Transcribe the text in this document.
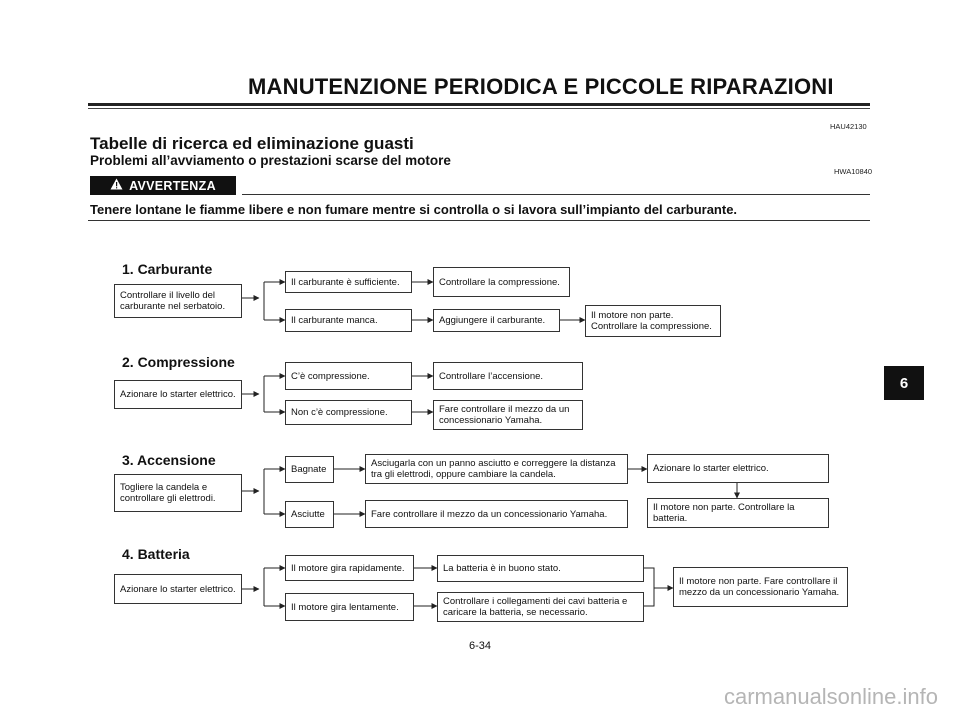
MANUTENZIONE PERIODICA E PICCOLE RIPARAZIONI
HAU42130
Tabelle di ricerca ed eliminazione guasti
Problemi all’avviamento o prestazioni scarse del motore
HWA10840
AVVERTENZA
Tenere lontane le fiamme libere e non fumare mentre si controlla o si lavora sull’impianto del carburante.
1. Carburante
Controllare il livello del carburante nel serbatoio.
Il carburante è sufficiente.
Il carburante manca.
Controllare la compressione.
Aggiungere il carburante.	Il motore non parte. Controllare la compressione.
2. Compressione
Azionare lo starter elettrico.
C’è compressione.
Non c’è compressione.
Controllare l’accensione.
Fare controllare il mezzo da un concessionario Yamaha.
3. Accensione
Togliere la candela e controllare gli elettrodi.
Bagnate
Asciutte
Asciugarla con un panno asciutto e correggere la distanza tra gli elettrodi, oppure cambiare la candela.
Fare controllare il mezzo da un concessionario Yamaha.
Azionare lo starter elettrico.
Il motore non parte. Controllare la batteria.
4. Batteria
Azionare lo starter elettrico.
Il motore gira rapidamente.
Il motore gira lentamente.
La batteria è in buono stato.
Controllare i collegamenti dei cavi batteria e caricare la batteria, se necessario.
Il motore non parte. Fare controllare il mezzo da un concessionario Yamaha.
6
6-34
carmanualsonline.info
